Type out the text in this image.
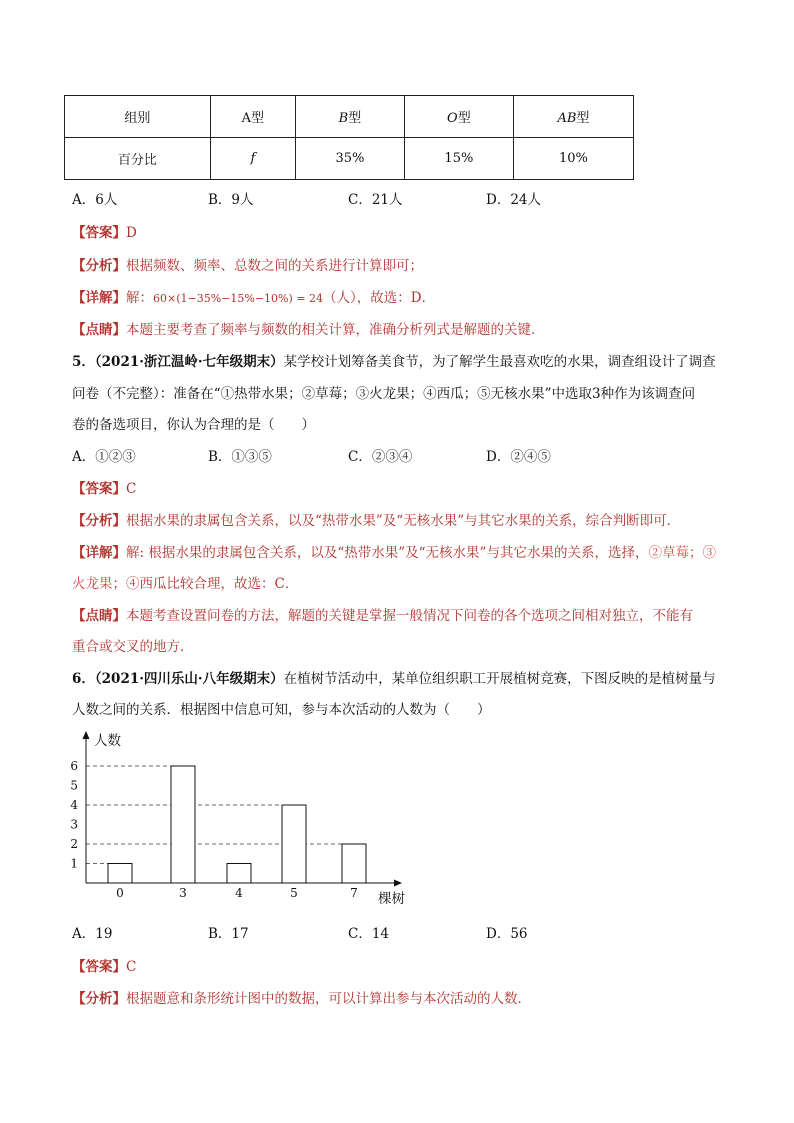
组别	A型	B型	O型	AB型
百分比	f	35%	15%	10%
A．6人	B．9人	C．21人	D．24人
【答案】D
【分析】根据频数、频率、总数之间的关系进行计算即可；
【详解】解：60×(1−35%−15%−10%) = 24（人），故选：D．
【点睛】本题主要考查了频率与频数的相关计算，准确分析列式是解题的关键．
5．（2021·浙江温岭·七年级期末）某学校计划筹备美食节，为了解学生最喜欢吃的水果，调查组设计了调查
问卷（不完整）：准备在“①热带水果；②草莓；③火龙果；④西瓜；⑤无核水果”中选取3种作为该调查问
卷的备选项目，你认为合理的是（　　）
A．①②③	B．①③⑤	C．②③④	D．②④⑤
【答案】C
【分析】根据水果的隶属包含关系，以及“热带水果”及“无核水果”与其它水果的关系，综合判断即可．
【详解】解: 根据水果的隶属包含关系，以及“热带水果”及“无核水果”与其它水果的关系，选择，②草莓；③
火龙果；④西瓜比较合理，故选：C．
【点睛】本题考查设置问卷的方法，解题的关键是掌握一般情况下问卷的各个选项之间相对独立，不能有
重合或交叉的地方．
6．（2021·四川乐山·八年级期末）在植树节活动中，某单位组织职工开展植树竞赛，下图反映的是植树量与
人数之间的关系．根据图中信息可知，参与本次活动的人数为（　　）
1
2
3
4
5
6
0	3	4	5	7
人数
棵树
A．19	B．17	C．14	D．56
【答案】C
【分析】根据题意和条形统计图中的数据，可以计算出参与本次活动的人数．
